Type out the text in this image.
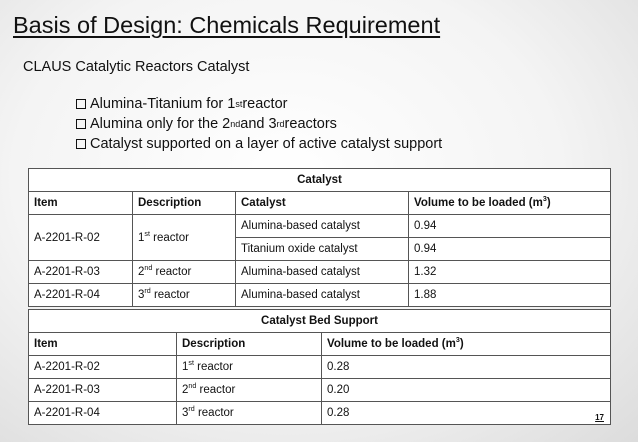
Basis of Design: Chemicals Requirement
CLAUS Catalytic Reactors Catalyst
Alumina-Titanium for 1 st reactor
Alumina only for the 2 nd and 3 rd reactors
Catalyst supported on a layer of active catalyst support
Catalyst			
Item	Description	Catalyst	Volume to be loaded $(m^3)$
A-2201-R-02	1st reactor	Alumina-based catalyst	0.94
		Titanium oxide catalyst	0.94
A-2201-R-03	2nd reactor	Alumina-based catalyst	1.32
A-2201-R-04	3rd reactor	Alumina-based catalyst	1.88
Catalyst Bed Support		
Item	Description	Volume to be loaded $(m^3)$
A-2201-R-02	1st reactor	0.28
A-2201-R-03	2nd reactor	0.20
A-2201-R-04	3rd reactor	0.28	17
